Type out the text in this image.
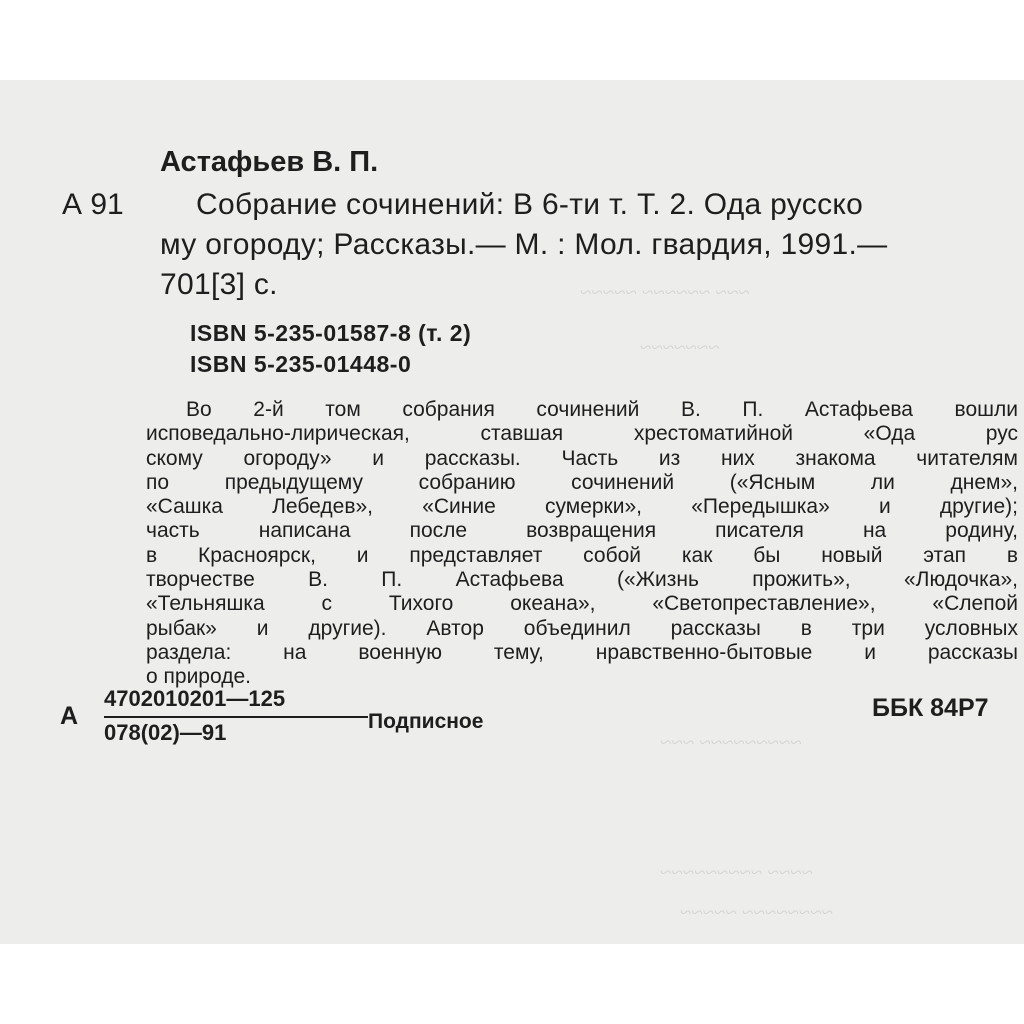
~~~ ~~~~~~ ~~~~~
~~~~~~~
~~~~~~~~~ ~~~
~~~~ ~~~~~~~~~
~~~~~~~~ ~~~~~
Астафьев В. П.
А 91 Собрание сочинений: В 6-ти т. Т. 2. Ода русско
му огороду; Рассказы.— М. : Мол. гвардия, 1991.—
701[3] с.
ISBN 5-235-01587-8 (т. 2)
ISBN 5-235-01448-0
Во 2-й том собрания сочинений В. П. Астафьева вошли
исповедально-лирическая, ставшая хрестоматийной «Ода рус
скому огороду» и рассказы. Часть из них знакома читателям
по предыдущему собранию сочинений («Ясным ли днем»,
«Сашка Лебедев», «Синие сумерки», «Передышка» и другие);
часть написана после возвращения писателя на родину,
в Красноярск, и представляет собой как бы новый этап в
творчестве В. П. Астафьева («Жизнь прожить», «Людочка»,
«Тельняшка с Тихого океана», «Светопреставление», «Слепой
рыбак» и другие). Автор объединил рассказы в три условных
раздела: на военную тему, нравственно-бытовые и рассказы
о природе.
А
4702010201—125
078(02)—91	Подписное	ББК 84Р7
